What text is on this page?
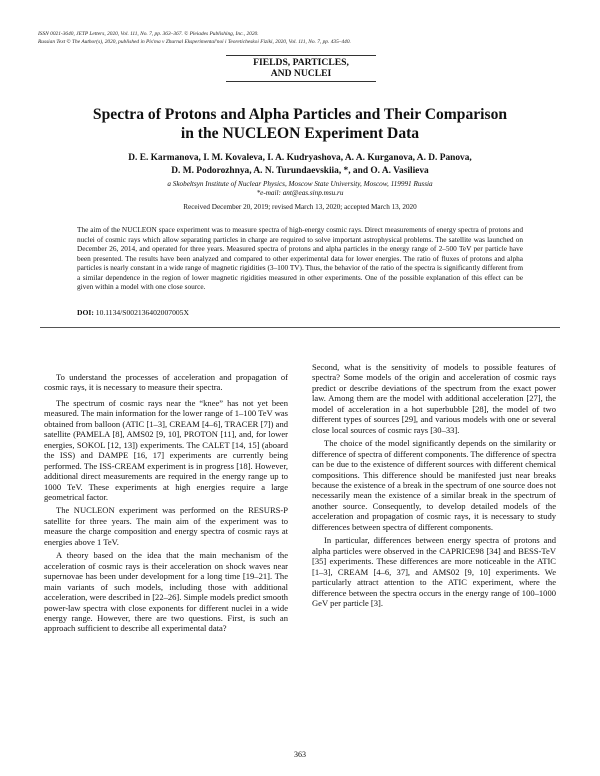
ISSN 0021-3640, JETP Letters, 2020, Vol. 111, No. 7, pp. 363–367. © Pleiades Publishing, Inc., 2020.
Russian Text © The Author(s), 2020, published in Pis'ma v Zhurnal Eksperimental'noi i Teoreticheskoi Fiziki, 2020, Vol. 111, No. 7, pp. 435–440.
FIELDS, PARTICLES,
AND NUCLEI
Spectra of Protons and Alpha Particles and Their Comparison
in the NUCLEON Experiment Data
D. E. Karmanova, I. M. Kovaleva, I. A. Kudryashova, A. A. Kurganova, A. D. Panova,
D. M. Podorozhnya, A. N. Turundaevskiia, *, and O. A. Vasilieva
a Skobeltsyn Institute of Nuclear Physics, Moscow State University, Moscow, 119991 Russia
*e-mail: ant@eas.sinp.msu.ru
Received December 20, 2019; revised March 13, 2020; accepted March 13, 2020
The aim of the NUCLEON space experiment was to measure spectra of high-energy cosmic rays. Direct measurements of energy spectra of protons and nuclei of cosmic rays which allow separating particles in charge are required to solve important astrophysical problems. The satellite was launched on December 26, 2014, and operated for three years. Measured spectra of protons and alpha particles in the energy range of 2–500 TeV per particle have been presented. The results have been analyzed and compared to other experimental data for lower energies. The ratio of fluxes of protons and alpha particles is nearly constant in a wide range of magnetic rigidities (3–100 TV). Thus, the behavior of the ratio of the spectra is significantly different from a similar dependence in the region of lower magnetic rigidities measured in other experiments. One of the possible explanation of this effect can be given within a model with one close source.
DOI: 10.1134/S002136402007005X

To understand the processes of acceleration and propagation of cosmic rays, it is necessary to measure their spectra.

The spectrum of cosmic rays near the “knee” has not yet been measured. The main information for the lower range of 1–100 TeV was obtained from balloon (ATIC [1–3], CREAM [4–6], TRACER [7]) and satellite (PAMELA [8], AMS02 [9, 10], PROTON [11], and, for lower energies, SOKOL [12, 13]) experiments. The CALET [14, 15] (aboard the ISS) and DAMPE [16, 17] experiments are currently being performed. The ISS-CREAM experiment is in progress [18]. However, additional direct measurements are required in the energy range up to 1000 TeV. These experiments at high energies require a large geometrical factor.

The NUCLEON experiment was performed on the RESURS-P satellite for three years. The main aim of the experiment was to measure the charge composition and energy spectra of cosmic rays at energies above 1 TeV.

A theory based on the idea that the main mechanism of the acceleration of cosmic rays is their acceleration on shock waves near supernovae has been under development for a long time [19–21]. The main variants of such models, including those with additional acceleration, were described in [22–26]. Simple models predict smooth power-law spectra with close exponents for different nuclei in a wide energy range. However, there are two questions. First, is such an approach sufficient to describe all experimental data?

Second, what is the sensitivity of models to possible features of spectra? Some models of the origin and acceleration of cosmic rays predict or describe deviations of the spectrum from the exact power law. Among them are the model with additional acceleration [27], the model of acceleration in a hot superbubble [28], the model of two different types of sources [29], and various models with one or several close local sources of cosmic rays [30–33].

The choice of the model significantly depends on the similarity or difference of spectra of different components. The difference of spectra can be due to the existence of different sources with different chemical compositions. This difference should be manifested just near breaks because the existence of a break in the spectrum of one source does not necessarily mean the existence of a similar break in the spectrum of another source. Consequently, to develop detailed models of the acceleration and propagation of cosmic rays, it is necessary to study differences between spectra of different components.

In particular, differences between energy spectra of protons and alpha particles were observed in the CAPRICE98 [34] and BESS-TeV [35] experiments. These differences are more noticeable in the ATIC [1–3], CREAM [4–6, 37], and AMS02 [9, 10] experiments. We particularly attract attention to the ATIC experiment, where the difference between the spectra occurs in the energy range of 100–1000 GeV per particle [3].

363
